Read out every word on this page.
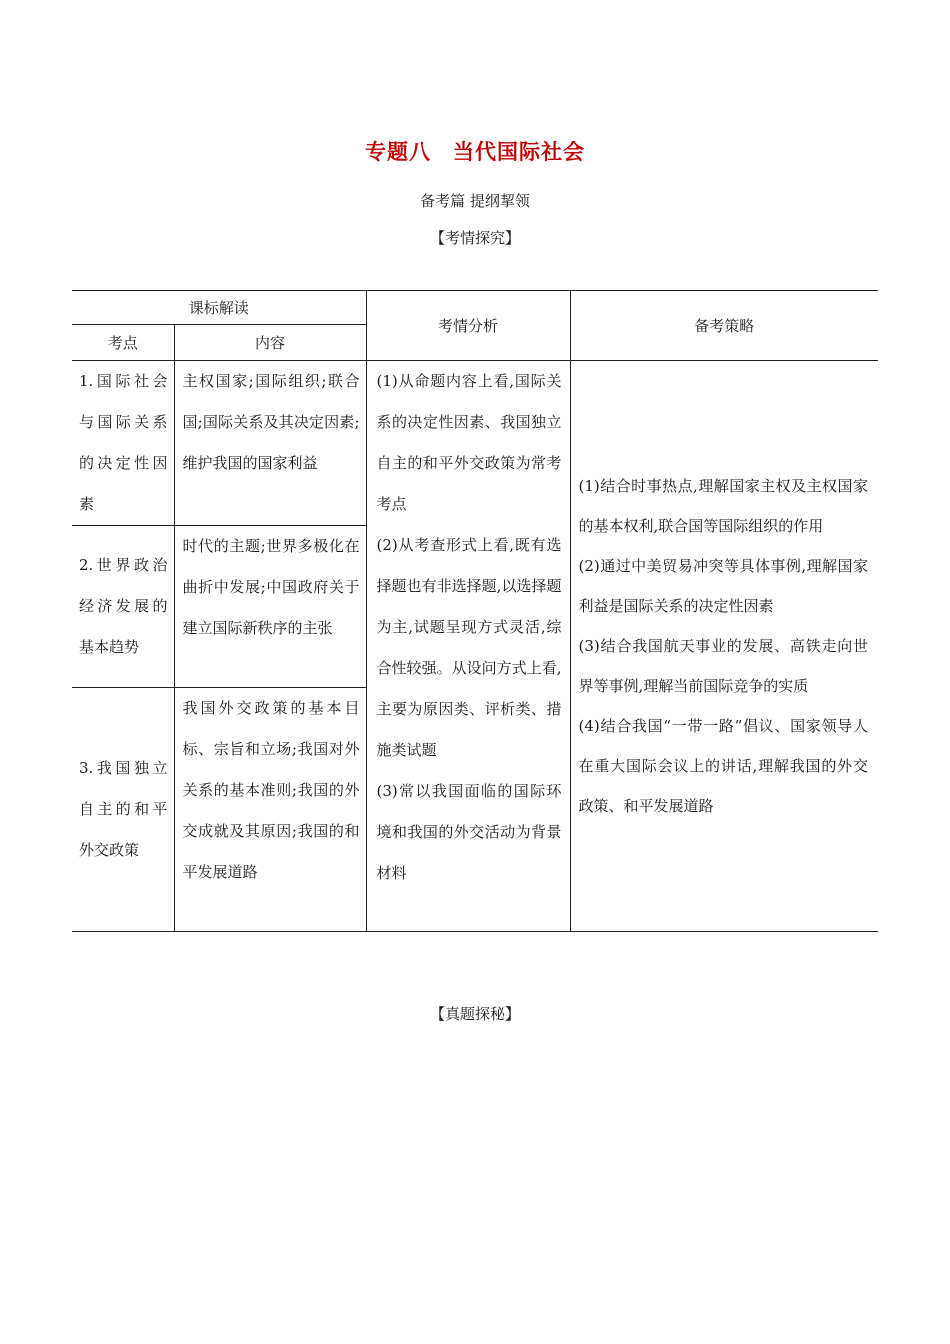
专题八 当代国际社会
备考篇 提纲挈领
【考情探究】
课标解读		考情分析	备考策略
考点	内容		

1.国际社会与国际关系的决定性因素	主权国家;国际组织;联合国;国际关系及其决定因素;维护我国的国家利益	(1)从命题内容上看,国际关系的决定性因素、我国独立自主的和平外交政策为常考考点
(2)从考查形式上看,既有选择题也有非选择题,以选择题为主,试题呈现方式灵活,综合性较强。从设问方式上看,主要为原因类、评析类、措施类试题
(3)常以我国面临的国际环境和我国的外交活动为背景材料	(1)结合时事热点,理解国家主权及主权国家的基本权利,联合国等国际组织的作用
(2)通过中美贸易冲突等具体事例,理解国家利益是国际关系的决定性因素
(3)结合我国航天事业的发展、高铁走向世界等事例,理解当前国际竞争的实质
(4)结合我国“一带一路”倡议、国家领导人在重大国际会议上的讲话,理解我国的外交政策、和平发展道路

2.世界政治经济发展的基本趋势	时代的主题;世界多极化在曲折中发展;中国政府关于建立国际新秩序的主张		

3.我国独立自主的和平外交政策	我国外交政策的基本目标、宗旨和立场;我国对外关系的基本准则;我国的外交成就及其原因;我国的和平发展道路		
【真题探秘】
